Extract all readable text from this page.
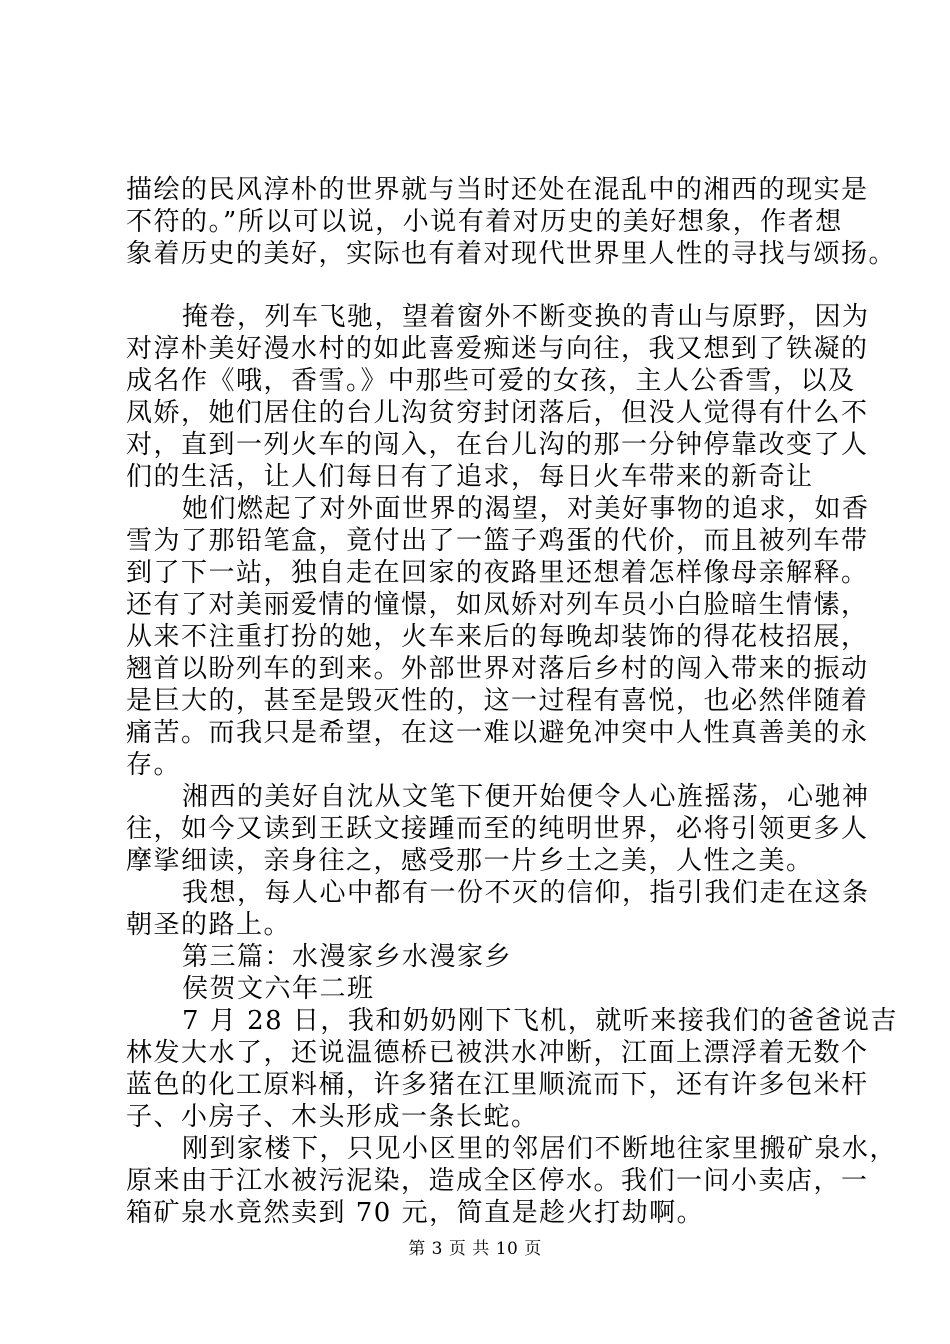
描绘的民风淳朴的世界就与当时还处在混乱中的湘西的现实是
不符的。”所以可以说，小说有着对历史的美好想象，作者想
象着历史的美好，实际也有着对现代世界里人性的寻找与颂扬。
掩卷，列车飞驰，望着窗外不断变换的青山与原野，因为
对淳朴美好漫水村的如此喜爱痴迷与向往，我又想到了铁凝的
成名作《哦，香雪。》中那些可爱的女孩，主人公香雪，以及
凤娇，她们居住的台儿沟贫穷封闭落后，但没人觉得有什么不
对，直到一列火车的闯入，在台儿沟的那一分钟停靠改变了人
们的生活，让人们每日有了追求，每日火车带来的新奇让
她们燃起了对外面世界的渴望，对美好事物的追求，如香
雪为了那铅笔盒，竟付出了一篮子鸡蛋的代价，而且被列车带
到了下一站，独自走在回家的夜路里还想着怎样像母亲解释。
还有了对美丽爱情的憧憬，如凤娇对列车员小白脸暗生情愫，
从来不注重打扮的她，火车来后的每晚却装饰的得花枝招展，
翘首以盼列车的到来。外部世界对落后乡村的闯入带来的振动
是巨大的，甚至是毁灭性的，这一过程有喜悦，也必然伴随着
痛苦。而我只是希望，在这一难以避免冲突中人性真善美的永
存。
湘西的美好自沈从文笔下便开始便令人心旌摇荡，心驰神
往，如今又读到王跃文接踵而至的纯明世界，必将引领更多人
摩挲细读，亲身往之，感受那一片乡土之美，人性之美。
我想，每人心中都有一份不灭的信仰，指引我们走在这条
朝圣的路上。
第三篇：水漫家乡水漫家乡
侯贺文六年二班
7 月 28 日，我和奶奶刚下飞机，就听来接我们的爸爸说吉
林发大水了，还说温德桥已被洪水冲断，江面上漂浮着无数个
蓝色的化工原料桶，许多猪在江里顺流而下，还有许多包米杆
子、小房子、木头形成一条长蛇。
刚到家楼下，只见小区里的邻居们不断地往家里搬矿泉水，
原来由于江水被污泥染，造成全区停水。我们一问小卖店，一
箱矿泉水竟然卖到 70 元，简直是趁火打劫啊。
第 3 页 共 10 页
